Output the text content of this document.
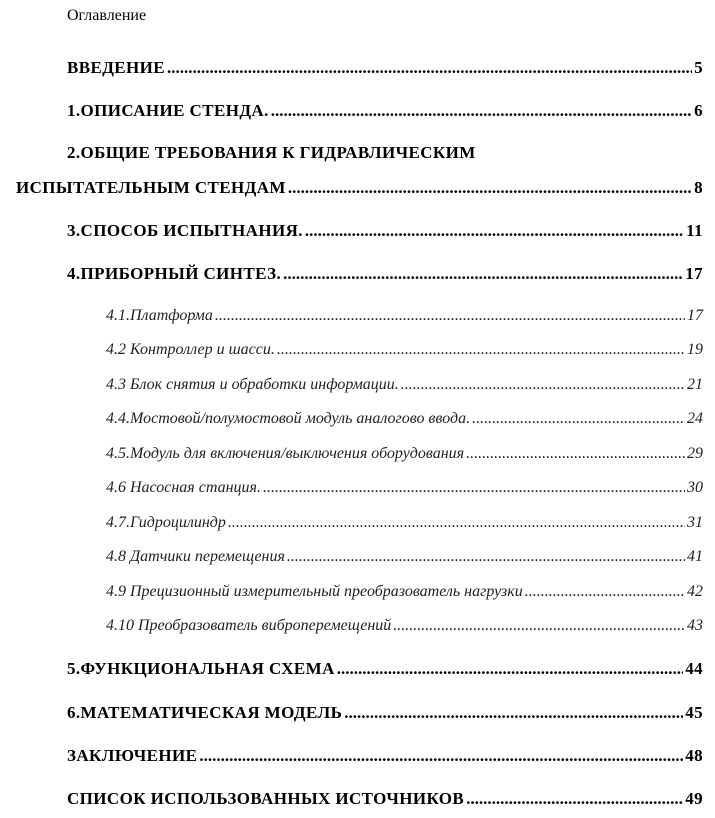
Оглавление
ВВЕДЕНИЕ .....	5
1.ОПИСАНИЕ СТЕНДА. .....	6
2.ОБЩИЕ ТРЕБОВАНИЯ К ГИДРАВЛИЧЕСКИМ
ИСПЫТАТЕЛЬНЫМ СТЕНДАМ .....	8
3.СПОСОБ ИСПЫТНАНИЯ. .....	11
4.ПРИБОРНЫЙ СИНТЕЗ. .....	17
4.1.Платформа .....	17
4.2 Контроллер и шасси. .....	19
4.3 Блок снятия и обработки информации. .....	21
4.4.Мостовой/полумостовой модуль аналогово ввода. .....	24
4.5.Модуль для включения/выключения оборудования .....	29
4.6 Насосная станция. .....	30
4.7.Гидроцилиндр .....	31
4.8 Датчики перемещения .....	41
4.9 Прецизионный измерительный преобразователь нагрузки .....	42
4.10 Преобразователь виброперемещений .....	43
5.ФУНКЦИОНАЛЬНАЯ СХЕМА .....	44
6.МАТЕМАТИЧЕСКАЯ МОДЕЛЬ .....	45
ЗАКЛЮЧЕНИЕ .....	48
СПИСОК ИСПОЛЬЗОВАННЫХ ИСТОЧНИКОВ .....	49
